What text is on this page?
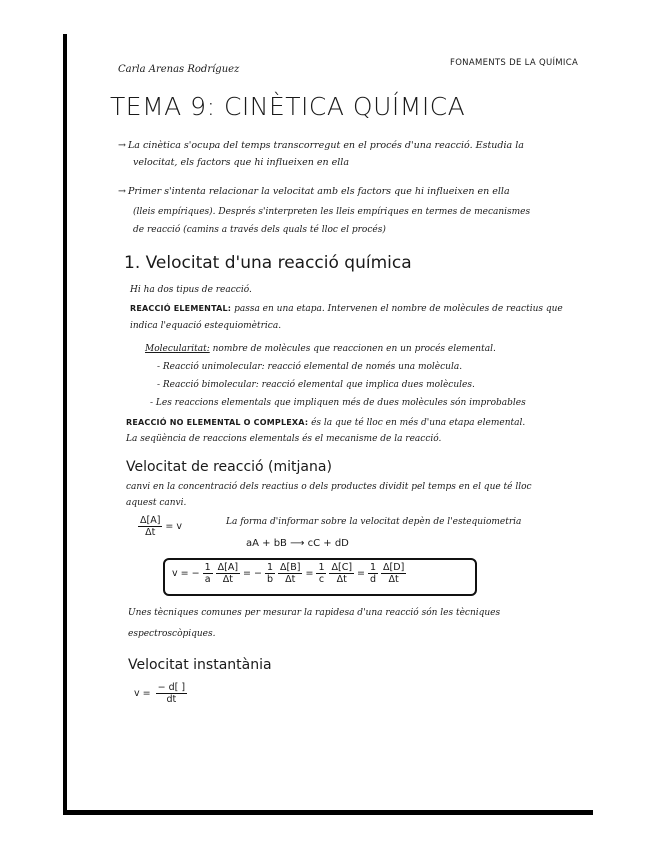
Carla Arenas Rodríguez
FONAMENTS DE LA QUÍMICA
TEMA 9: CINÈTICA QUÍMICA
→ La cinètica s'ocupa del temps transcorregut en el procés d'una reacció. Estudia la
velocitat, els factors que hi influeixen en ella
→ Primer s'intenta relacionar la velocitat amb els factors que hi influeixen en ella
(lleis empíriques). Després s'interpreten les lleis empíriques en termes de mecanismes
de reacció (camins a través dels quals té lloc el procés)
1. Velocitat d'una reacció química
Hi ha dos tipus de reacció.
REACCIÓ ELEMENTAL: passa en una etapa. Intervenen el nombre de molècules de reactius que
indica l'equació estequiomètrica.
Molecularitat: nombre de molècules que reaccionen en un procés elemental.
- Reacció unimolecular: reacció elemental de només una molècula.
- Reacció bimolecular: reacció elemental que implica dues molècules.
- Les reaccions elementals que impliquen més de dues molècules són improbables
REACCIÓ NO ELEMENTAL O COMPLEXA: és la que té lloc en més d'una etapa elemental.
La seqüència de reaccions elementals és el mecanisme de la reacció.
Velocitat de reacció (mitjana)
canvi en la concentració dels reactius o dels productes dividit pel temps en el que té lloc
aquest canvi.
$\frac{\Delta[A]}{\Delta t} = v$	La forma d'informar sobre la velocitat depèn de l'estequiometria
aA + bB ⟶ cC + dD
v = − $\frac{1}{a} \frac{\Delta[A]}{\Delta t}$ = − $\frac{1}{b} \frac{\Delta[B]}{\Delta t} = \frac{1}{c} \frac{\Delta[C]}{\Delta t} = \frac{1}{d} \frac{\Delta[D]}{\Delta t}$
Unes tècniques comunes per mesurar la rapidesa d'una reacció són les tècniques
espectroscòpiques.
Velocitat instantània
$v = \frac{- d[ ]}{dt}$
